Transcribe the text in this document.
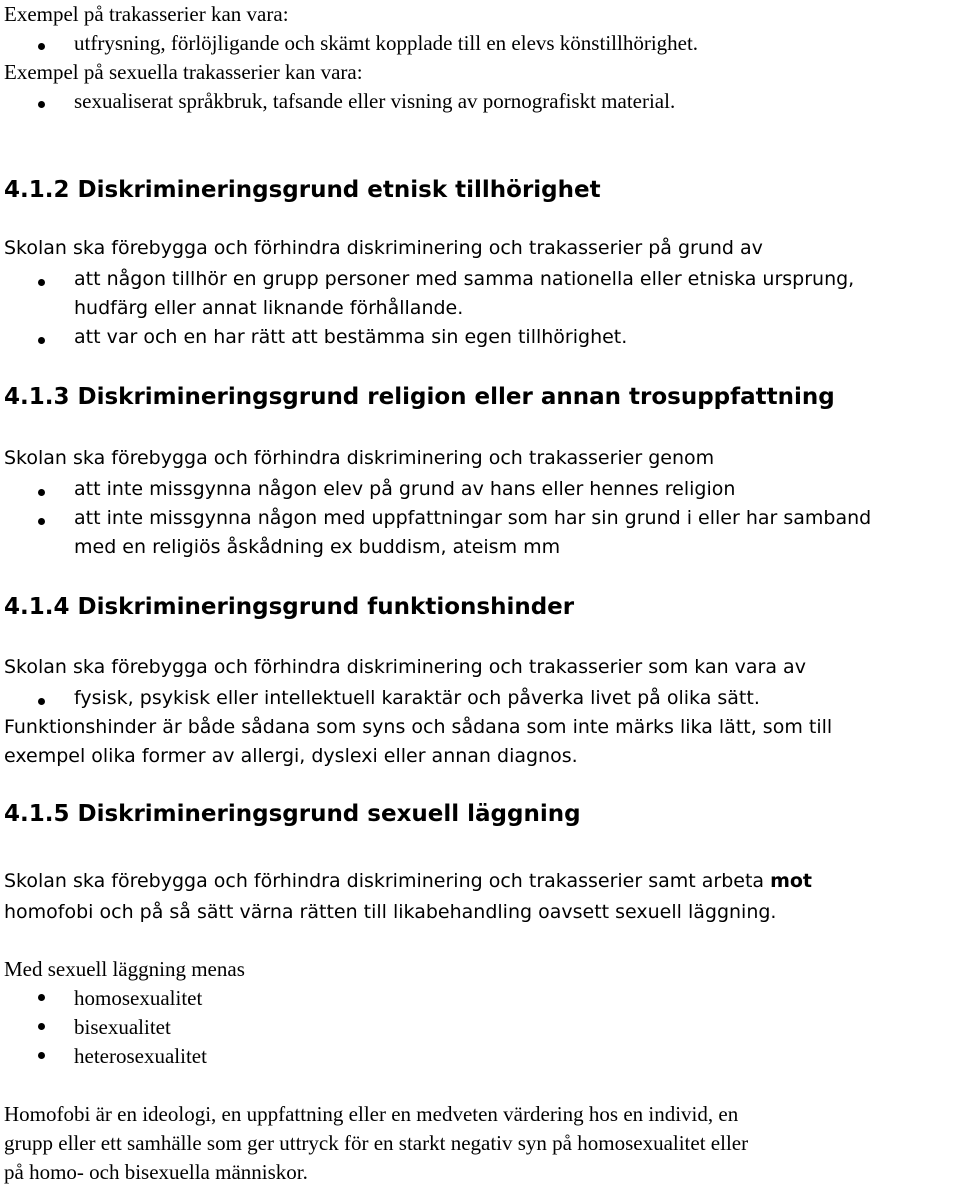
Exempel på trakasserier kan vara:
utfrysning, förlöjligande och skämt kopplade till en elevs könstillhörighet.
Exempel på sexuella trakasserier kan vara:
sexualiserat språkbruk, tafsande eller visning av pornografiskt material.
4.1.2 Diskrimineringsgrund etnisk tillhörighet
Skolan ska förebygga och förhindra diskriminering och trakasserier på grund av
att någon tillhör en grupp personer med samma nationella eller etniska ursprung,
hudfärg eller annat liknande förhållande.
att var och en har rätt att bestämma sin egen tillhörighet.
4.1.3 Diskrimineringsgrund religion eller annan trosuppfattning
Skolan ska förebygga och förhindra diskriminering och trakasserier genom
att inte missgynna någon elev på grund av hans eller hennes religion
att inte missgynna någon med uppfattningar som har sin grund i eller har samband
med en religiös åskådning ex buddism, ateism mm
4.1.4 Diskrimineringsgrund funktionshinder
Skolan ska förebygga och förhindra diskriminering och trakasserier som kan vara av
fysisk, psykisk eller intellektuell karaktär och påverka livet på olika sätt.
Funktionshinder är både sådana som syns och sådana som inte märks lika lätt, som till
exempel olika former av allergi, dyslexi eller annan diagnos.
4.1.5 Diskrimineringsgrund sexuell läggning
Skolan ska förebygga och förhindra diskriminering och trakasserier samt arbeta mot
homofobi och på så sätt värna rätten till likabehandling oavsett sexuell läggning.
Med sexuell läggning menas
homosexualitet
bisexualitet
heterosexualitet
Homofobi är en ideologi, en uppfattning eller en medveten värdering hos en individ, en
grupp eller ett samhälle som ger uttryck för en starkt negativ syn på homosexualitet eller
på homo- och bisexuella människor.
